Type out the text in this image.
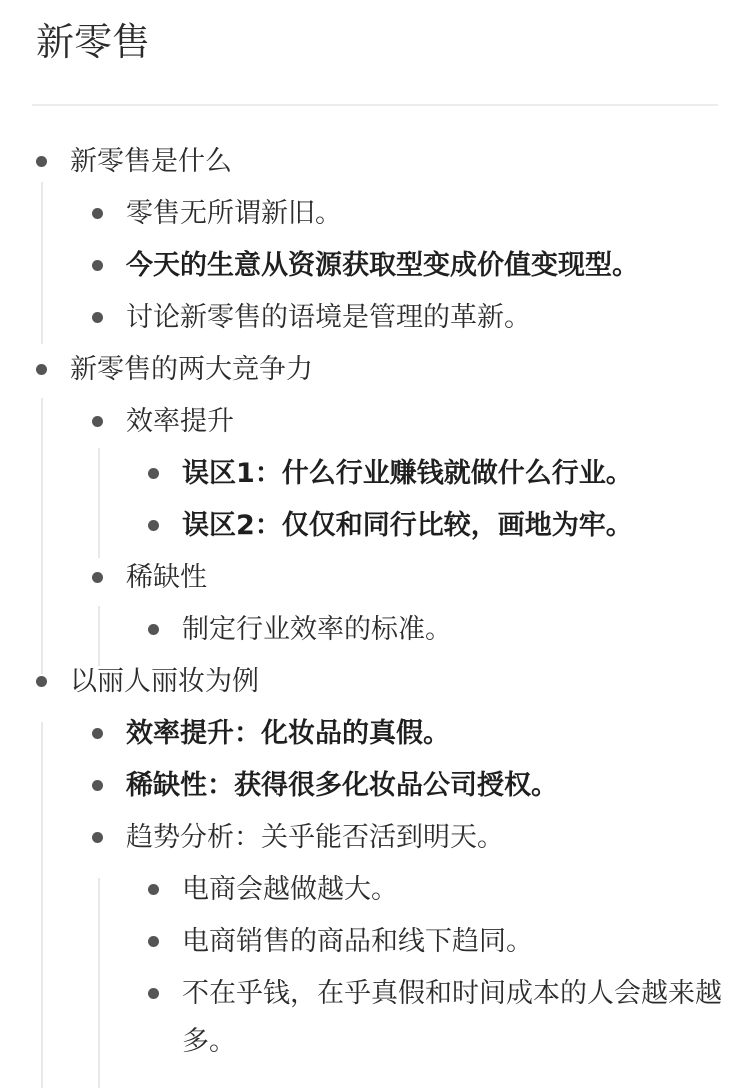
新零售
新零售是什么
零售无所谓新旧。
今天的生意从资源获取型变成价值变现型。
讨论新零售的语境是管理的革新。
新零售的两大竞争力
效率提升
误区1：什么行业赚钱就做什么行业。
误区2：仅仅和同行比较，画地为牢。
稀缺性
制定行业效率的标准。
以丽人丽妆为例
效率提升：化妆品的真假。
稀缺性：获得很多化妆品公司授权。
趋势分析：关乎能否活到明天。
电商会越做越大。
电商销售的商品和线下趋同。
不在乎钱，在乎真假和时间成本的人会越来越多。
